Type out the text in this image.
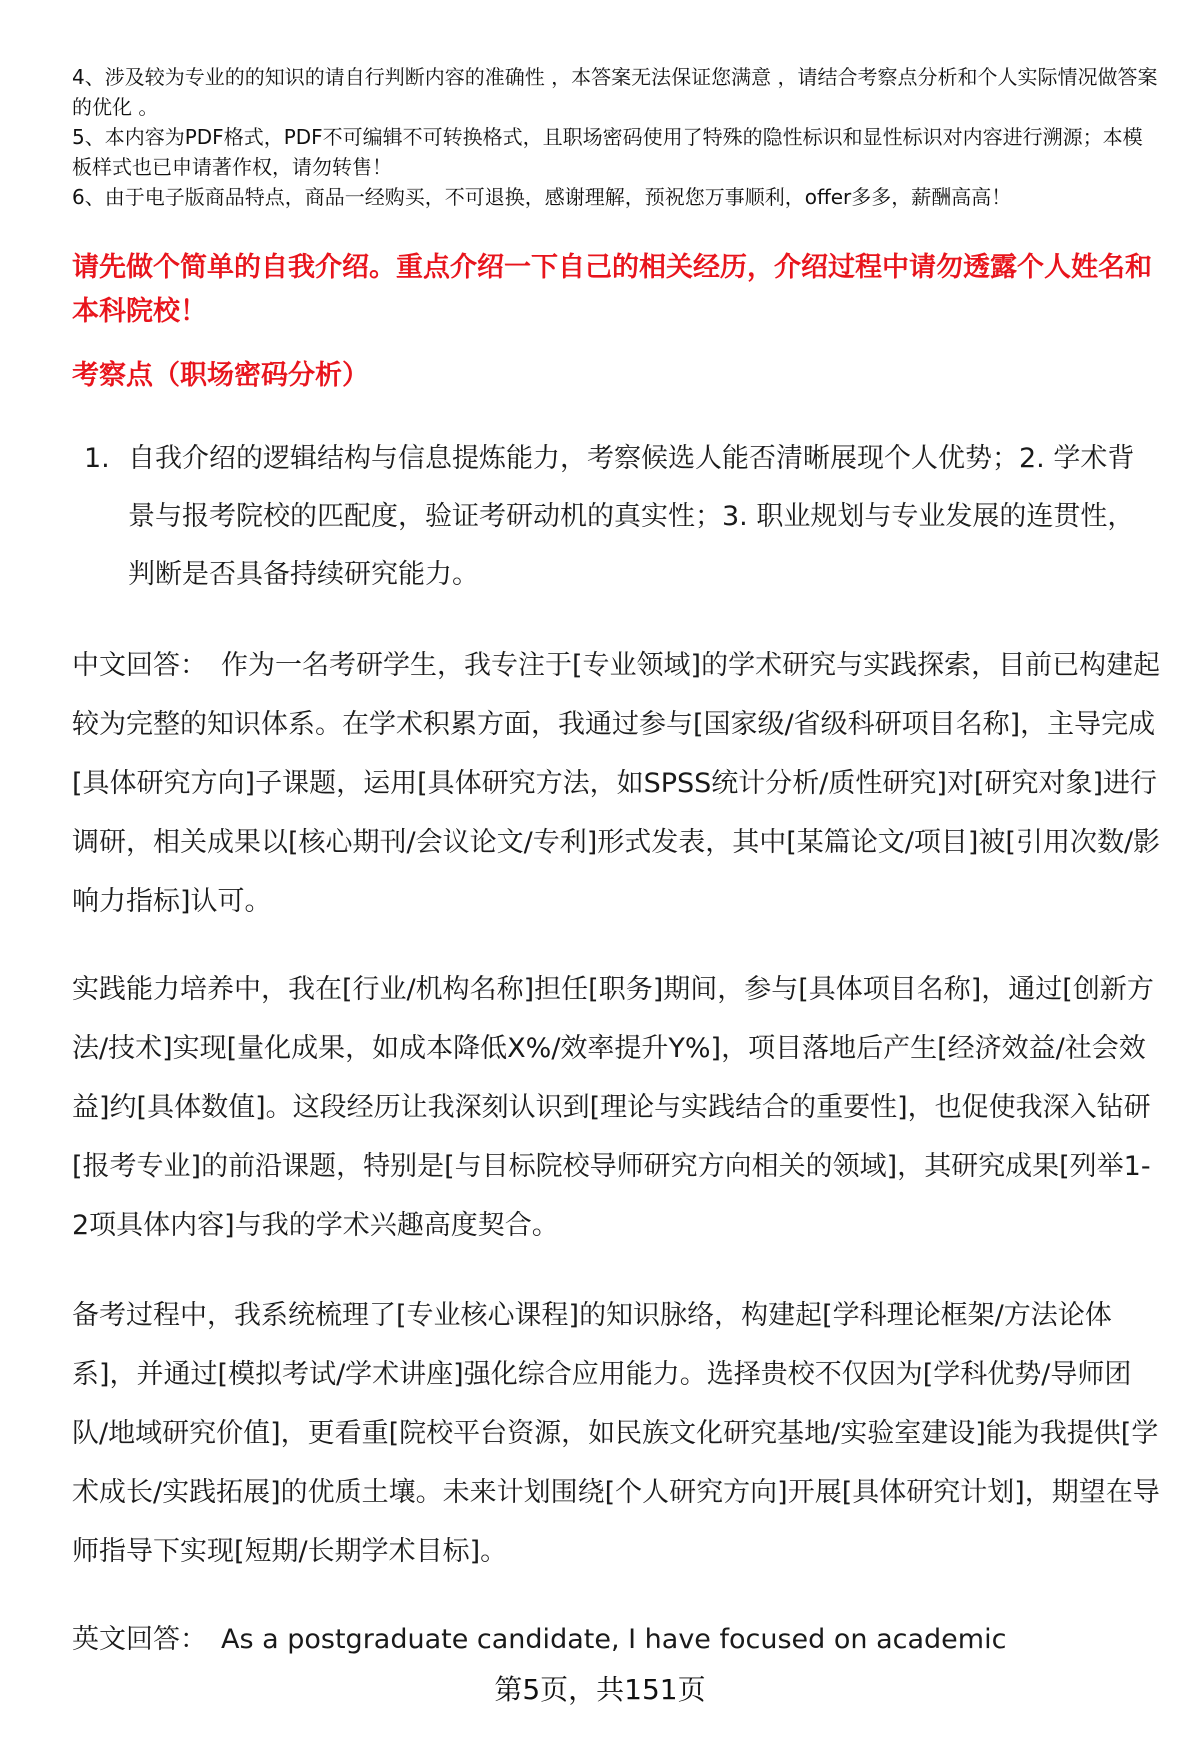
4、涉及较为专业的的知识的请自行判断内容的准确性 ，本答案无法保证您满意 ，请结合考察点分析和个人实际情况做答案的优化 。

5、本内容为PDF格式，PDF不可编辑不可转换格式，且职场密码使用了特殊的隐性标识和显性标识对内容进行溯源；本模板样式也已申请著作权，请勿转售！

6、由于电子版商品特点，商品一经购买，不可退换，感谢理解，预祝您万事顺利，offer多多，薪酬高高！

请先做个简单的自我介绍。重点介绍一下自己的相关经历，介绍过程中请勿透露个人姓名和本科院校！
考察点（职场密码分析）
1. 自我介绍的逻辑结构与信息提炼能力，考察候选人能否清晰展现个人优势；2. 学术背景与报考院校的匹配度，验证考研动机的真实性；3. 职业规划与专业发展的连贯性，判断是否具备持续研究能力。

中文回答： 作为一名考研学生，我专注于[专业领域]的学术研究与实践探索，目前已构建起较为完整的知识体系。在学术积累方面，我通过参与[国家级/省级科研项目名称]，主导完成[具体研究方向]子课题，运用[具体研究方法，如SPSS统计分析/质性研究]对[研究对象]进行调研，相关成果以[核心期刊/会议论文/专利]形式发表，其中[某篇论文/项目]被[引用次数/影响力指标]认可。

实践能力培养中，我在[行业/机构名称]担任[职务]期间，参与[具体项目名称]，通过[创新方法/技术]实现[量化成果，如成本降低X%/效率提升Y%]，项目落地后产生[经济效益/社会效益]约[具体数值]。这段经历让我深刻认识到[理论与实践结合的重要性]，也促使我深入钻研[报考专业]的前沿课题，特别是[与目标院校导师研究方向相关的领域]，其研究成果[列举1-2项具体内容]与我的学术兴趣高度契合。

备考过程中，我系统梳理了[专业核心课程]的知识脉络，构建起[学科理论框架/方法论体系]，并通过[模拟考试/学术讲座]强化综合应用能力。选择贵校不仅因为[学科优势/导师团队/地域研究价值]，更看重[院校平台资源，如民族文化研究基地/实验室建设]能为我提供[学术成长/实践拓展]的优质土壤。未来计划围绕[个人研究方向]开展[具体研究计划]，期望在导师指导下实现[短期/长期学术目标]。

英文回答： As a postgraduate candidate, I have focused on academic

第5页，共151页
